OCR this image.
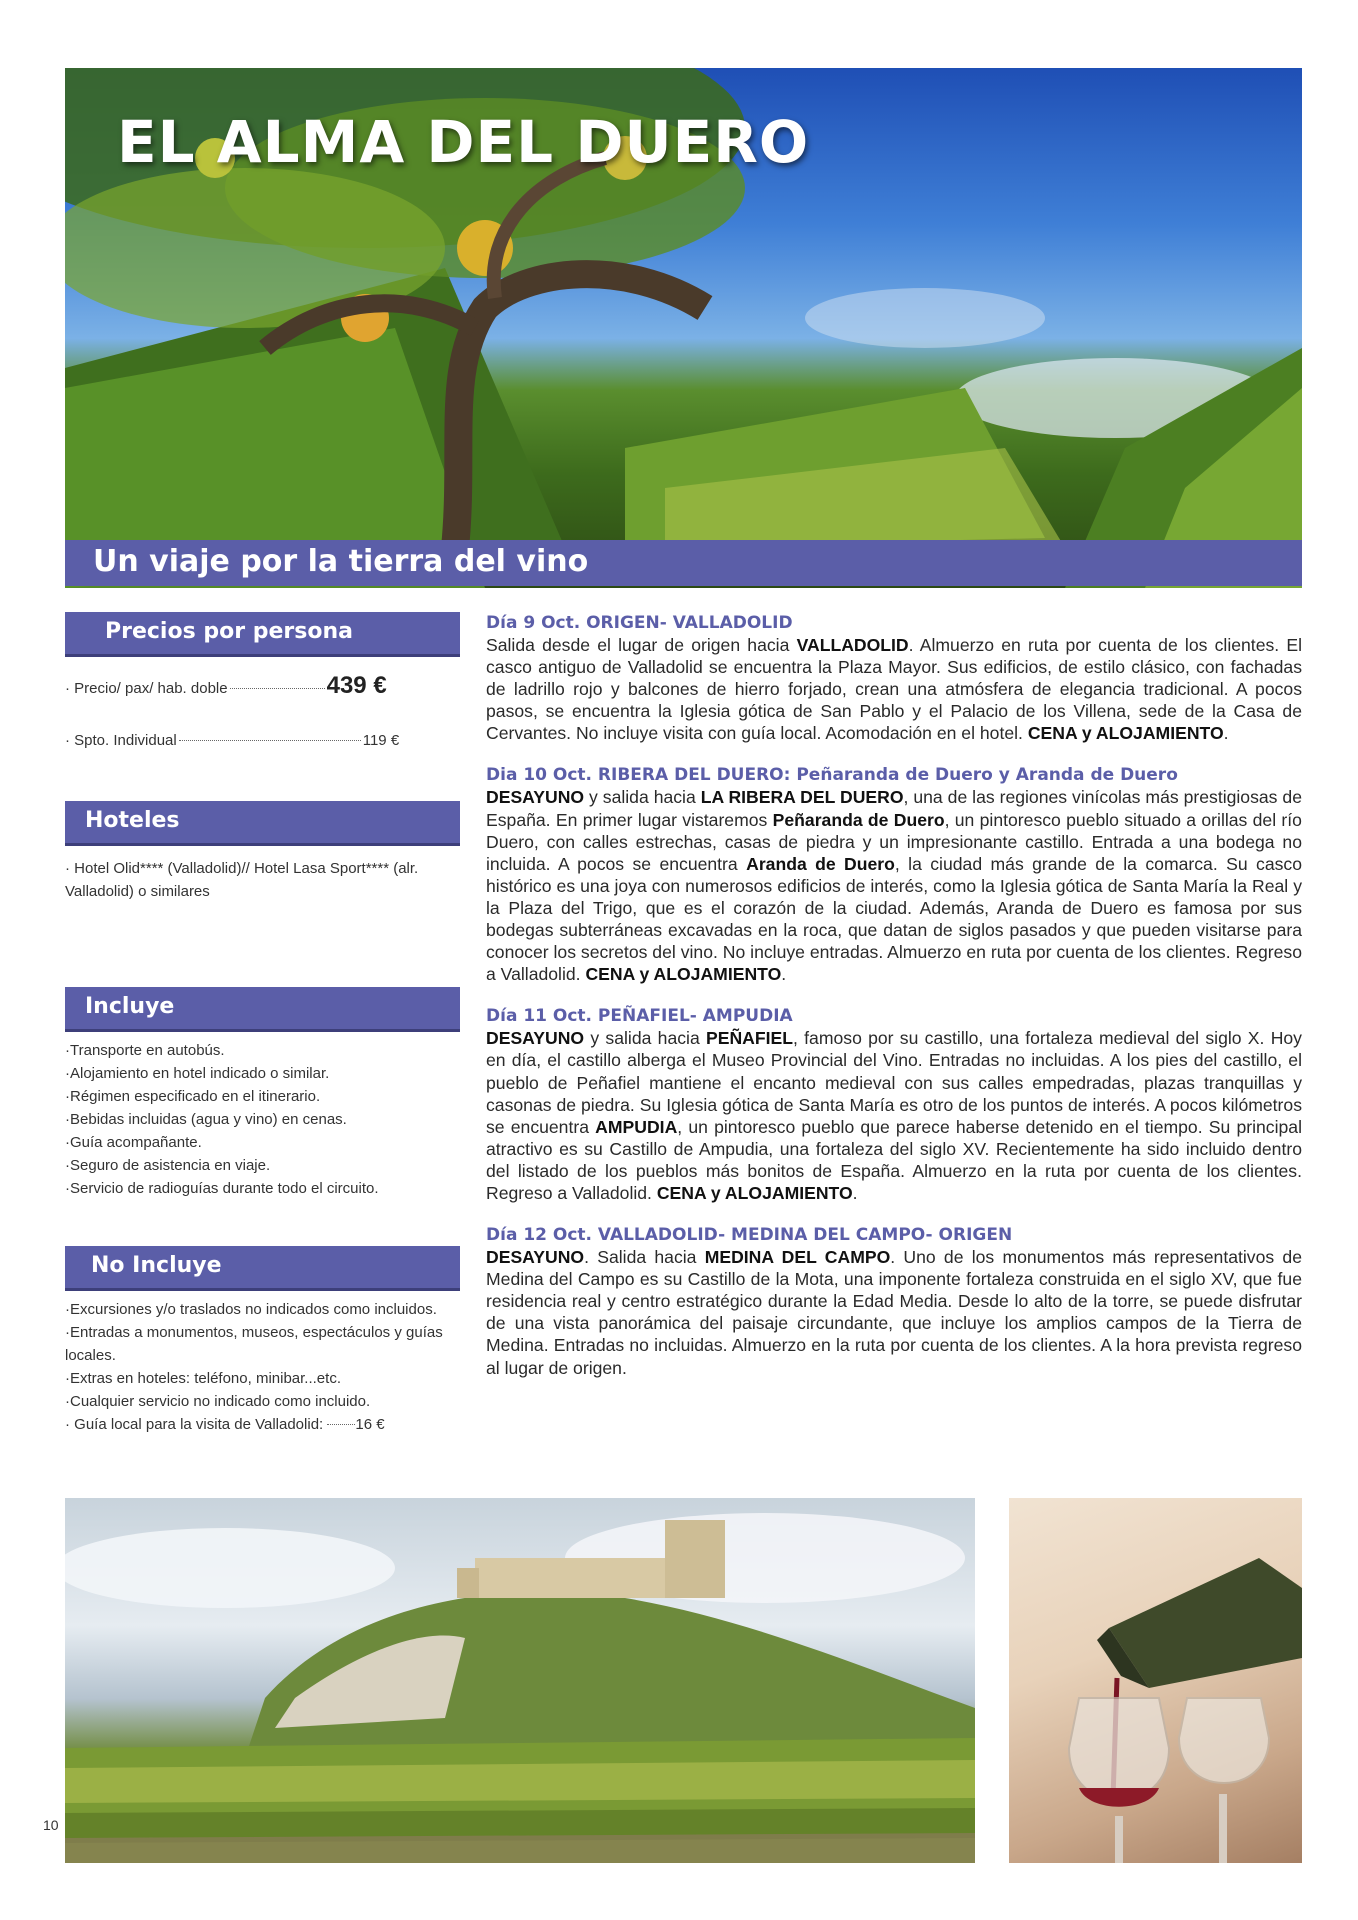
EL ALMA DEL DUERO
Un viaje por la tierra del vino
Precios por persona
· Precio/ pax/ hab. doble	439 €
· Spto. Individual	119 €
Hoteles
· Hotel Olid**** (Valladolid)// Hotel Lasa Sport**** (alr. Valladolid) o similares
Incluye
· Transporte en autobús.
· Alojamiento en hotel indicado o similar.
· Régimen especificado en el itinerario.
· Bebidas incluidas (agua y vino) en cenas.
· Guía acompañante.
· Seguro de asistencia en viaje.
· Servicio de radioguías durante todo el circuito.
No Incluye
· Excursiones y/o traslados no indicados como incluidos.
· Entradas a monumentos, museos, espectáculos y guías locales.
· Extras en hoteles: teléfono, minibar...etc.
· Cualquier servicio no indicado como incluido.
· Guía local para la visita de Valladolid: 16 €
Día 9 Oct. ORIGEN- VALLADOLID

Salida desde el lugar de origen hacia VALLADOLID. Almuerzo en ruta por cuenta de los clientes. El casco antiguo de Valladolid se encuentra la Plaza Mayor. Sus edificios, de estilo clásico, con fachadas de ladrillo rojo y balcones de hierro forjado, crean una atmósfera de elegancia tradicional. A pocos pasos, se encuentra la Iglesia gótica de San Pablo y el Palacio de los Villena, sede de la Casa de Cervantes. No incluye visita con guía local. Acomodación en el hotel. CENA y ALOJAMIENTO.

Dia 10 Oct. RIBERA DEL DUERO: Peñaranda de Duero y Aranda de Duero

DESAYUNO y salida hacia LA RIBERA DEL DUERO, una de las regiones vinícolas más prestigiosas de España. En primer lugar vistaremos Peñaranda de Duero, un pintoresco pueblo situado a orillas del río Duero, con calles estrechas, casas de piedra y un impresionante castillo. Entrada a una bodega no incluida. A pocos se encuentra Aranda de Duero, la ciudad más grande de la comarca. Su casco histórico es una joya con numerosos edificios de interés, como la Iglesia gótica de Santa María la Real y la Plaza del Trigo, que es el corazón de la ciudad. Además, Aranda de Duero es famosa por sus bodegas subterráneas excavadas en la roca, que datan de siglos pasados y que pueden visitarse para conocer los secretos del vino. No incluye entradas. Almuerzo en ruta por cuenta de los clientes. Regreso a Valladolid. CENA y ALOJAMIENTO.

Día 11 Oct. PEÑAFIEL- AMPUDIA

DESAYUNO y salida hacia PEÑAFIEL, famoso por su castillo, una fortaleza medieval del siglo X. Hoy en día, el castillo alberga el Museo Provincial del Vino. Entradas no incluidas. A los pies del castillo, el pueblo de Peñafiel mantiene el encanto medieval con sus calles empedradas, plazas tranquillas y casonas de piedra. Su Iglesia gótica de Santa María es otro de los puntos de interés. A pocos kilómetros se encuentra AMPUDIA, un pintoresco pueblo que parece haberse detenido en el tiempo. Su principal atractivo es su Castillo de Ampudia, una fortaleza del siglo XV. Recientemente ha sido incluido dentro del listado de los pueblos más bonitos de España. Almuerzo en la ruta por cuenta de los clientes. Regreso a Valladolid. CENA y ALOJAMIENTO.

Día 12 Oct. VALLADOLID- MEDINA DEL CAMPO- ORIGEN

DESAYUNO. Salida hacia MEDINA DEL CAMPO. Uno de los monumentos más representativos de Medina del Campo es su Castillo de la Mota, una imponente fortaleza construida en el siglo XV, que fue residencia real y centro estratégico durante la Edad Media. Desde lo alto de la torre, se puede disfrutar de una vista panorámica del paisaje circundante, que incluye los amplios campos de la Tierra de Medina. Entradas no incluidas. Almuerzo en la ruta por cuenta de los clientes. A la hora prevista regreso al lugar de origen.

10
